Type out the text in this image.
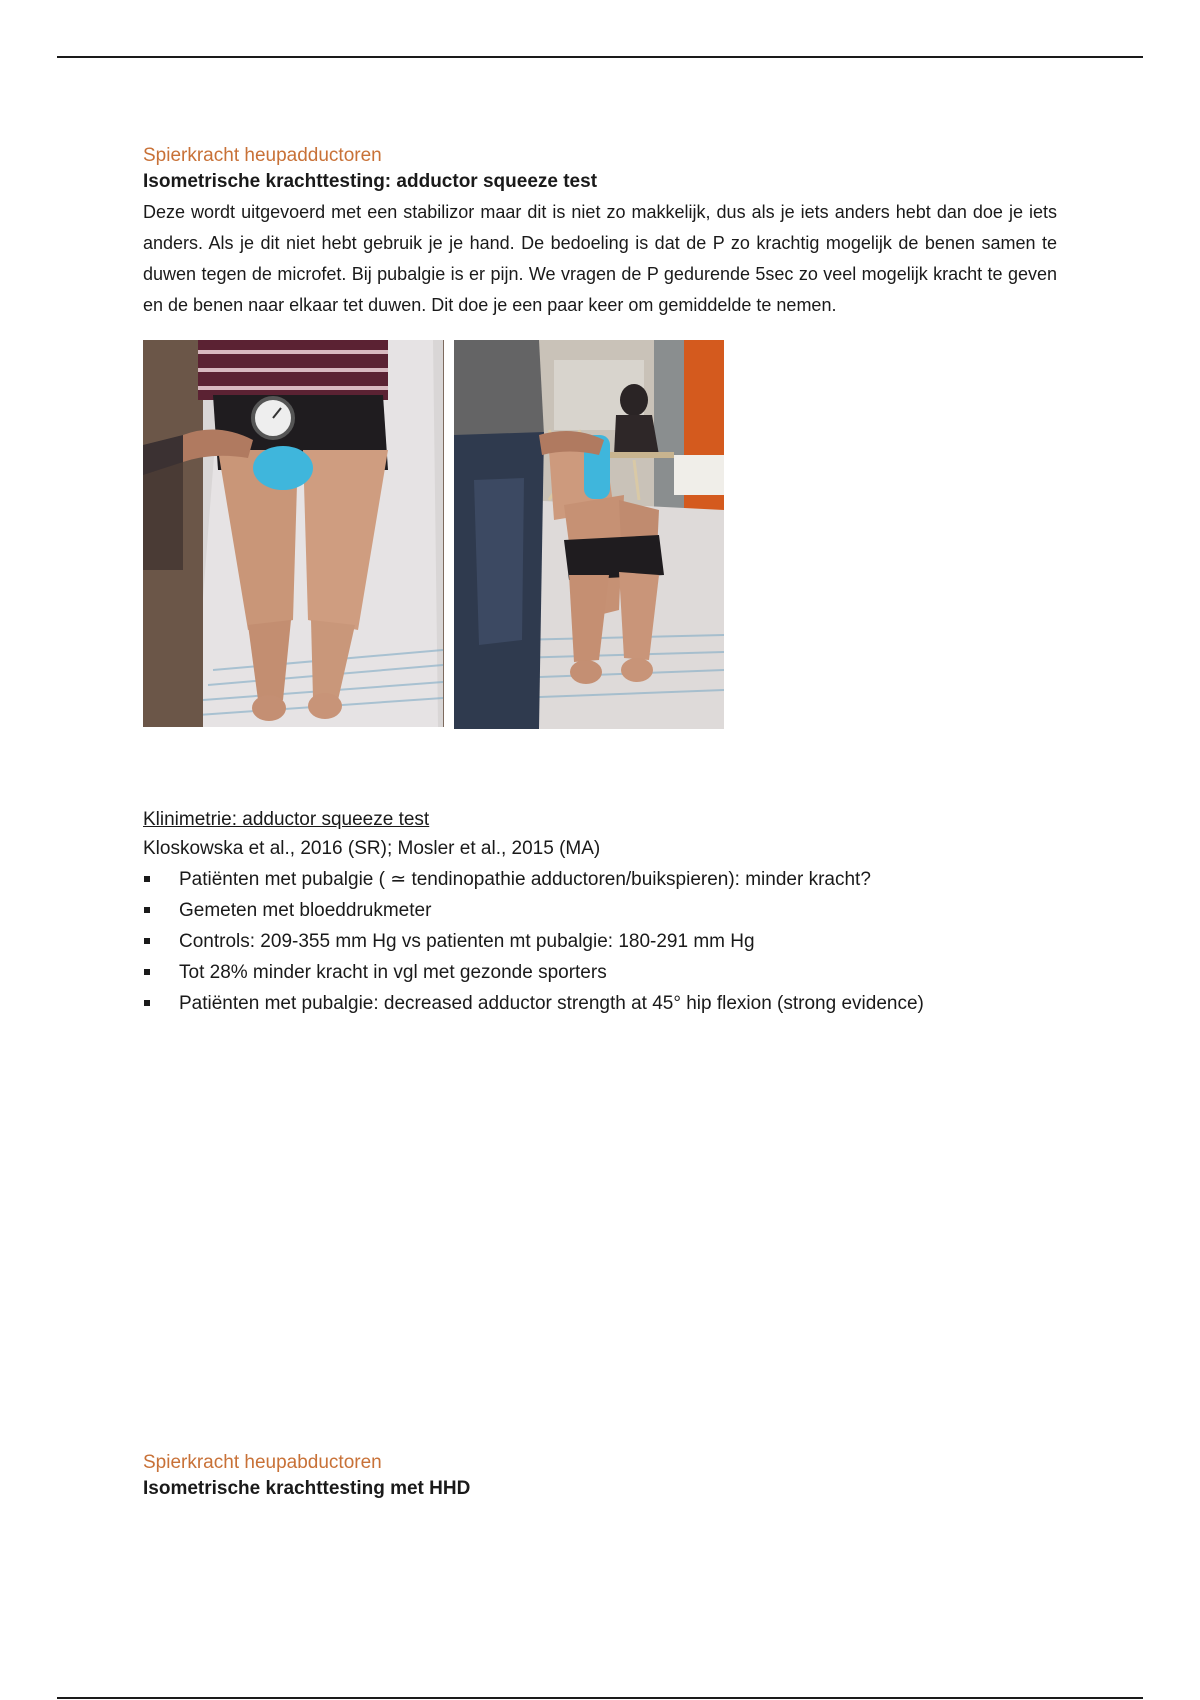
Spierkracht heupadductoren

Isometrische krachttesting: adductor squeeze test

Deze wordt uitgevoerd met een stabilizor maar dit is niet zo makkelijk, dus als je iets anders hebt dan doe je iets anders. Als je dit niet hebt gebruik je je hand. De bedoeling is dat de P zo krachtig mogelijk de benen samen te duwen tegen de microfet. Bij pubalgie is er pijn. We vragen de P gedurende 5sec zo veel mogelijk kracht te geven en de benen naar elkaar tet duwen. Dit doe je een paar keer om gemiddelde te nemen.

Klinimetrie: adductor squeeze test

Kloskowska et al., 2016 (SR); Mosler et al., 2015 (MA)

Patiënten met pubalgie ( ≃ tendinopathie adductoren/buikspieren): minder kracht?
Gemeten met bloeddrukmeter
Controls: 209-355 mm Hg vs patienten mt pubalgie: 180-291 mm Hg
Tot 28% minder kracht in vgl met gezonde sporters
Patiënten met pubalgie: decreased adductor strength at 45° hip flexion (strong evidence)

Spierkracht heupabductoren

Isometrische krachttesting met HHD
